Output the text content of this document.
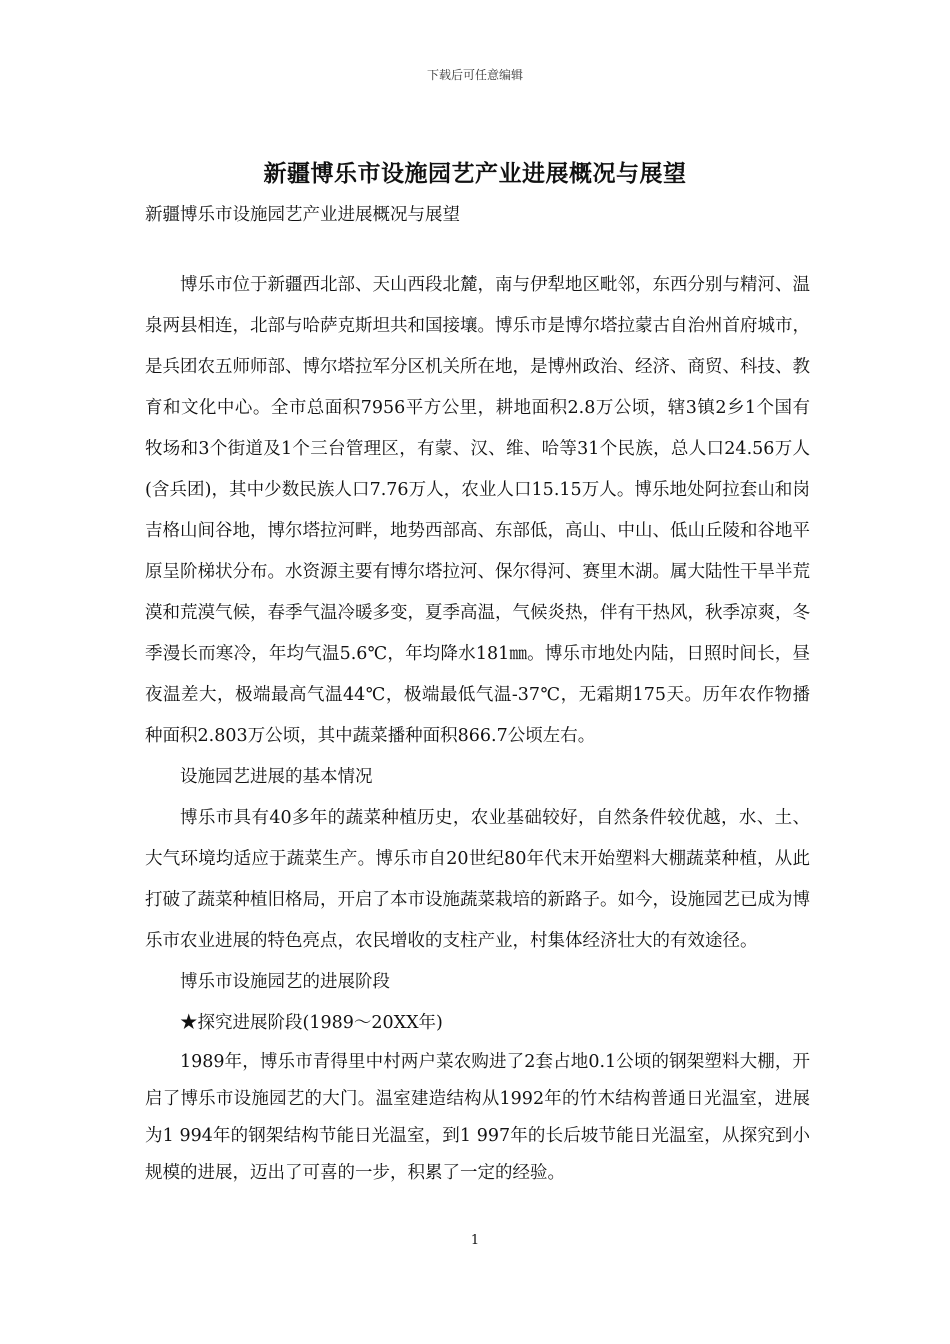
下载后可任意编辑
新疆博乐市设施园艺产业进展概况与展望
新疆博乐市设施园艺产业进展概况与展望

博乐市位于新疆西北部、天山西段北麓，南与伊犁地区毗邻，东西分别与精河、温泉两县相连，北部与哈萨克斯坦共和国接壤。博乐市是博尔塔拉蒙古自治州首府城市，是兵团农五师师部、博尔塔拉军分区机关所在地，是博州政治、经济、商贸、科技、教育和文化中心。全市总面积7956平方公里，耕地面积2.8万公顷，辖3镇2乡1个国有牧场和3个街道及1个三台管理区，有蒙、汉、维、哈等31个民族，总人口24.56万人(含兵团)，其中少数民族人口7.76万人，农业人口15.15万人。博乐地处阿拉套山和岗吉格山间谷地，博尔塔拉河畔，地势西部高、东部低，高山、中山、低山丘陵和谷地平原呈阶梯状分布。水资源主要有博尔塔拉河、保尔得河、赛里木湖。属大陆性干旱半荒漠和荒漠气候，春季气温冷暖多变，夏季高温，气候炎热，伴有干热风，秋季凉爽，冬季漫长而寒冷，年均气温5.6℃，年均降水181㎜。博乐市地处内陆，日照时间长，昼夜温差大，极端最高气温44℃，极端最低气温-37℃，无霜期175天。历年农作物播种面积2.803万公顷，其中蔬菜播种面积866.7公顷左右。

设施园艺进展的基本情况

博乐市具有40多年的蔬菜种植历史，农业基础较好，自然条件较优越，水、土、大气环境均适应于蔬菜生产。博乐市自20世纪80年代末开始塑料大棚蔬菜种植，从此打破了蔬菜种植旧格局，开启了本市设施蔬菜栽培的新路子。如今，设施园艺已成为博乐市农业进展的特色亮点，农民增收的支柱产业，村集体经济壮大的有效途径。

博乐市设施园艺的进展阶段

★探究进展阶段(1989～20XX年)

1989年，博乐市青得里中村两户菜农购进了2套占地0.1公顷的钢架塑料大棚，开启了博乐市设施园艺的大门。温室建造结构从1992年的竹木结构普通日光温室，进展为1 994年的钢架结构节能日光温室，到1 997年的长后坡节能日光温室，从探究到小规模的进展，迈出了可喜的一步，积累了一定的经验。

1
